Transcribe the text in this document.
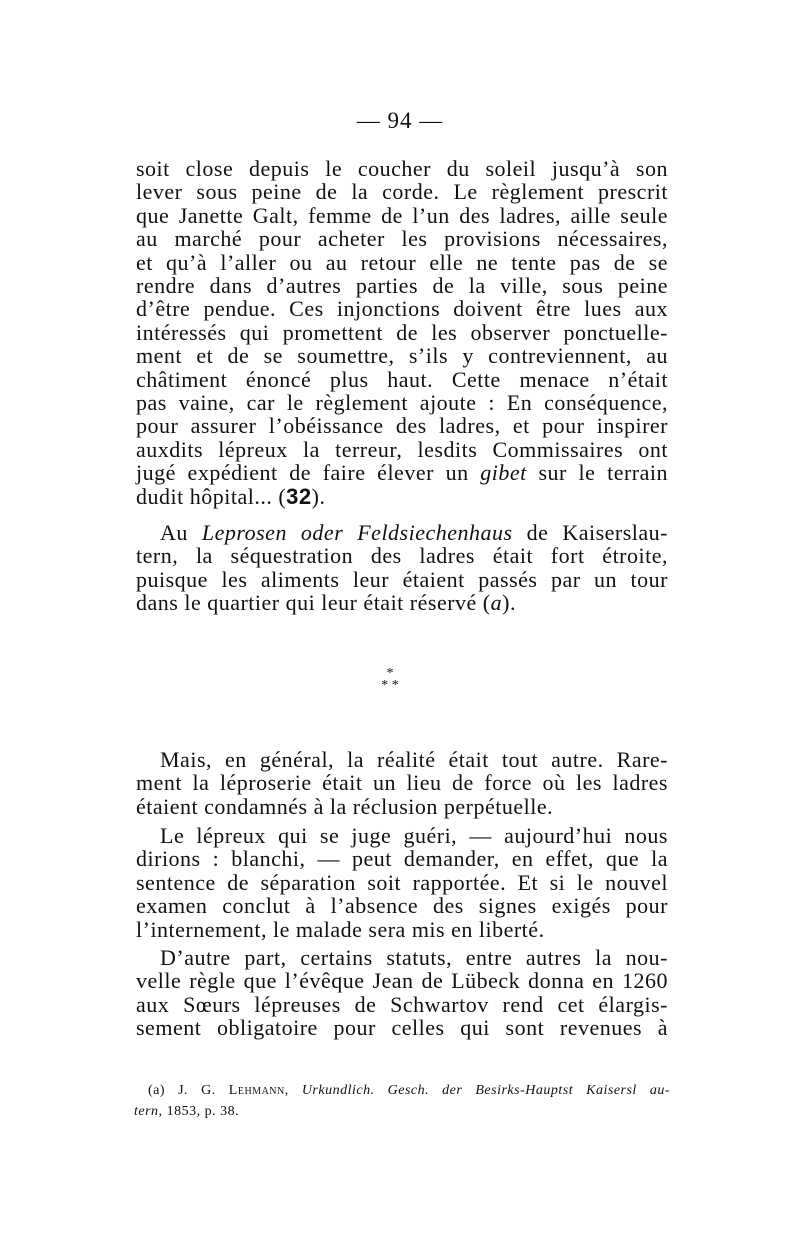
— 94 —
soit close depuis le coucher du soleil jusqu’à son
lever sous peine de la corde. Le règlement prescrit
que Janette Galt, femme de l’un des ladres, aille seule
au marché pour acheter les provisions nécessaires,
et qu’à l’aller ou au retour elle ne tente pas de se
rendre dans d’autres parties de la ville, sous peine
d’être pendue. Ces injonctions doivent être lues aux
intéressés qui promettent de les observer ponctuelle-
ment et de se soumettre, s’ils y contreviennent, au
châtiment énoncé plus haut. Cette menace n’était
pas vaine, car le règlement ajoute : En conséquence,
pour assurer l’obéissance des ladres, et pour inspirer
auxdits lépreux la terreur, lesdits Commissaires ont
jugé expédient de faire élever un gibet sur le terrain
dudit hôpital... (32).
Au Leprosen oder Feldsiechenhaus de Kaiserslau-
tern, la séquestration des ladres était fort étroite,
puisque les aliments leur étaient passés par un tour
dans le quartier qui leur était réservé (a).
*
* *
Mais, en général, la réalité était tout autre. Rare-
ment la léproserie était un lieu de force où les ladres
étaient condamnés à la réclusion perpétuelle.
Le lépreux qui se juge guéri, — aujourd’hui nous
dirions : blanchi, — peut demander, en effet, que la
sentence de séparation soit rapportée. Et si le nouvel
examen conclut à l’absence des signes exigés pour
l’internement, le malade sera mis en liberté.
D’autre part, certains statuts, entre autres la nou-
velle règle que l’évêque Jean de Lübeck donna en 1260
aux Sœurs lépreuses de Schwartov rend cet élargis-
sement obligatoire pour celles qui sont revenues à
(a) J. G. Lehmann, Urkundlich. Gesch. der Besirks-Hauptst Kaisersl au-
tern, 1853, p. 38.
